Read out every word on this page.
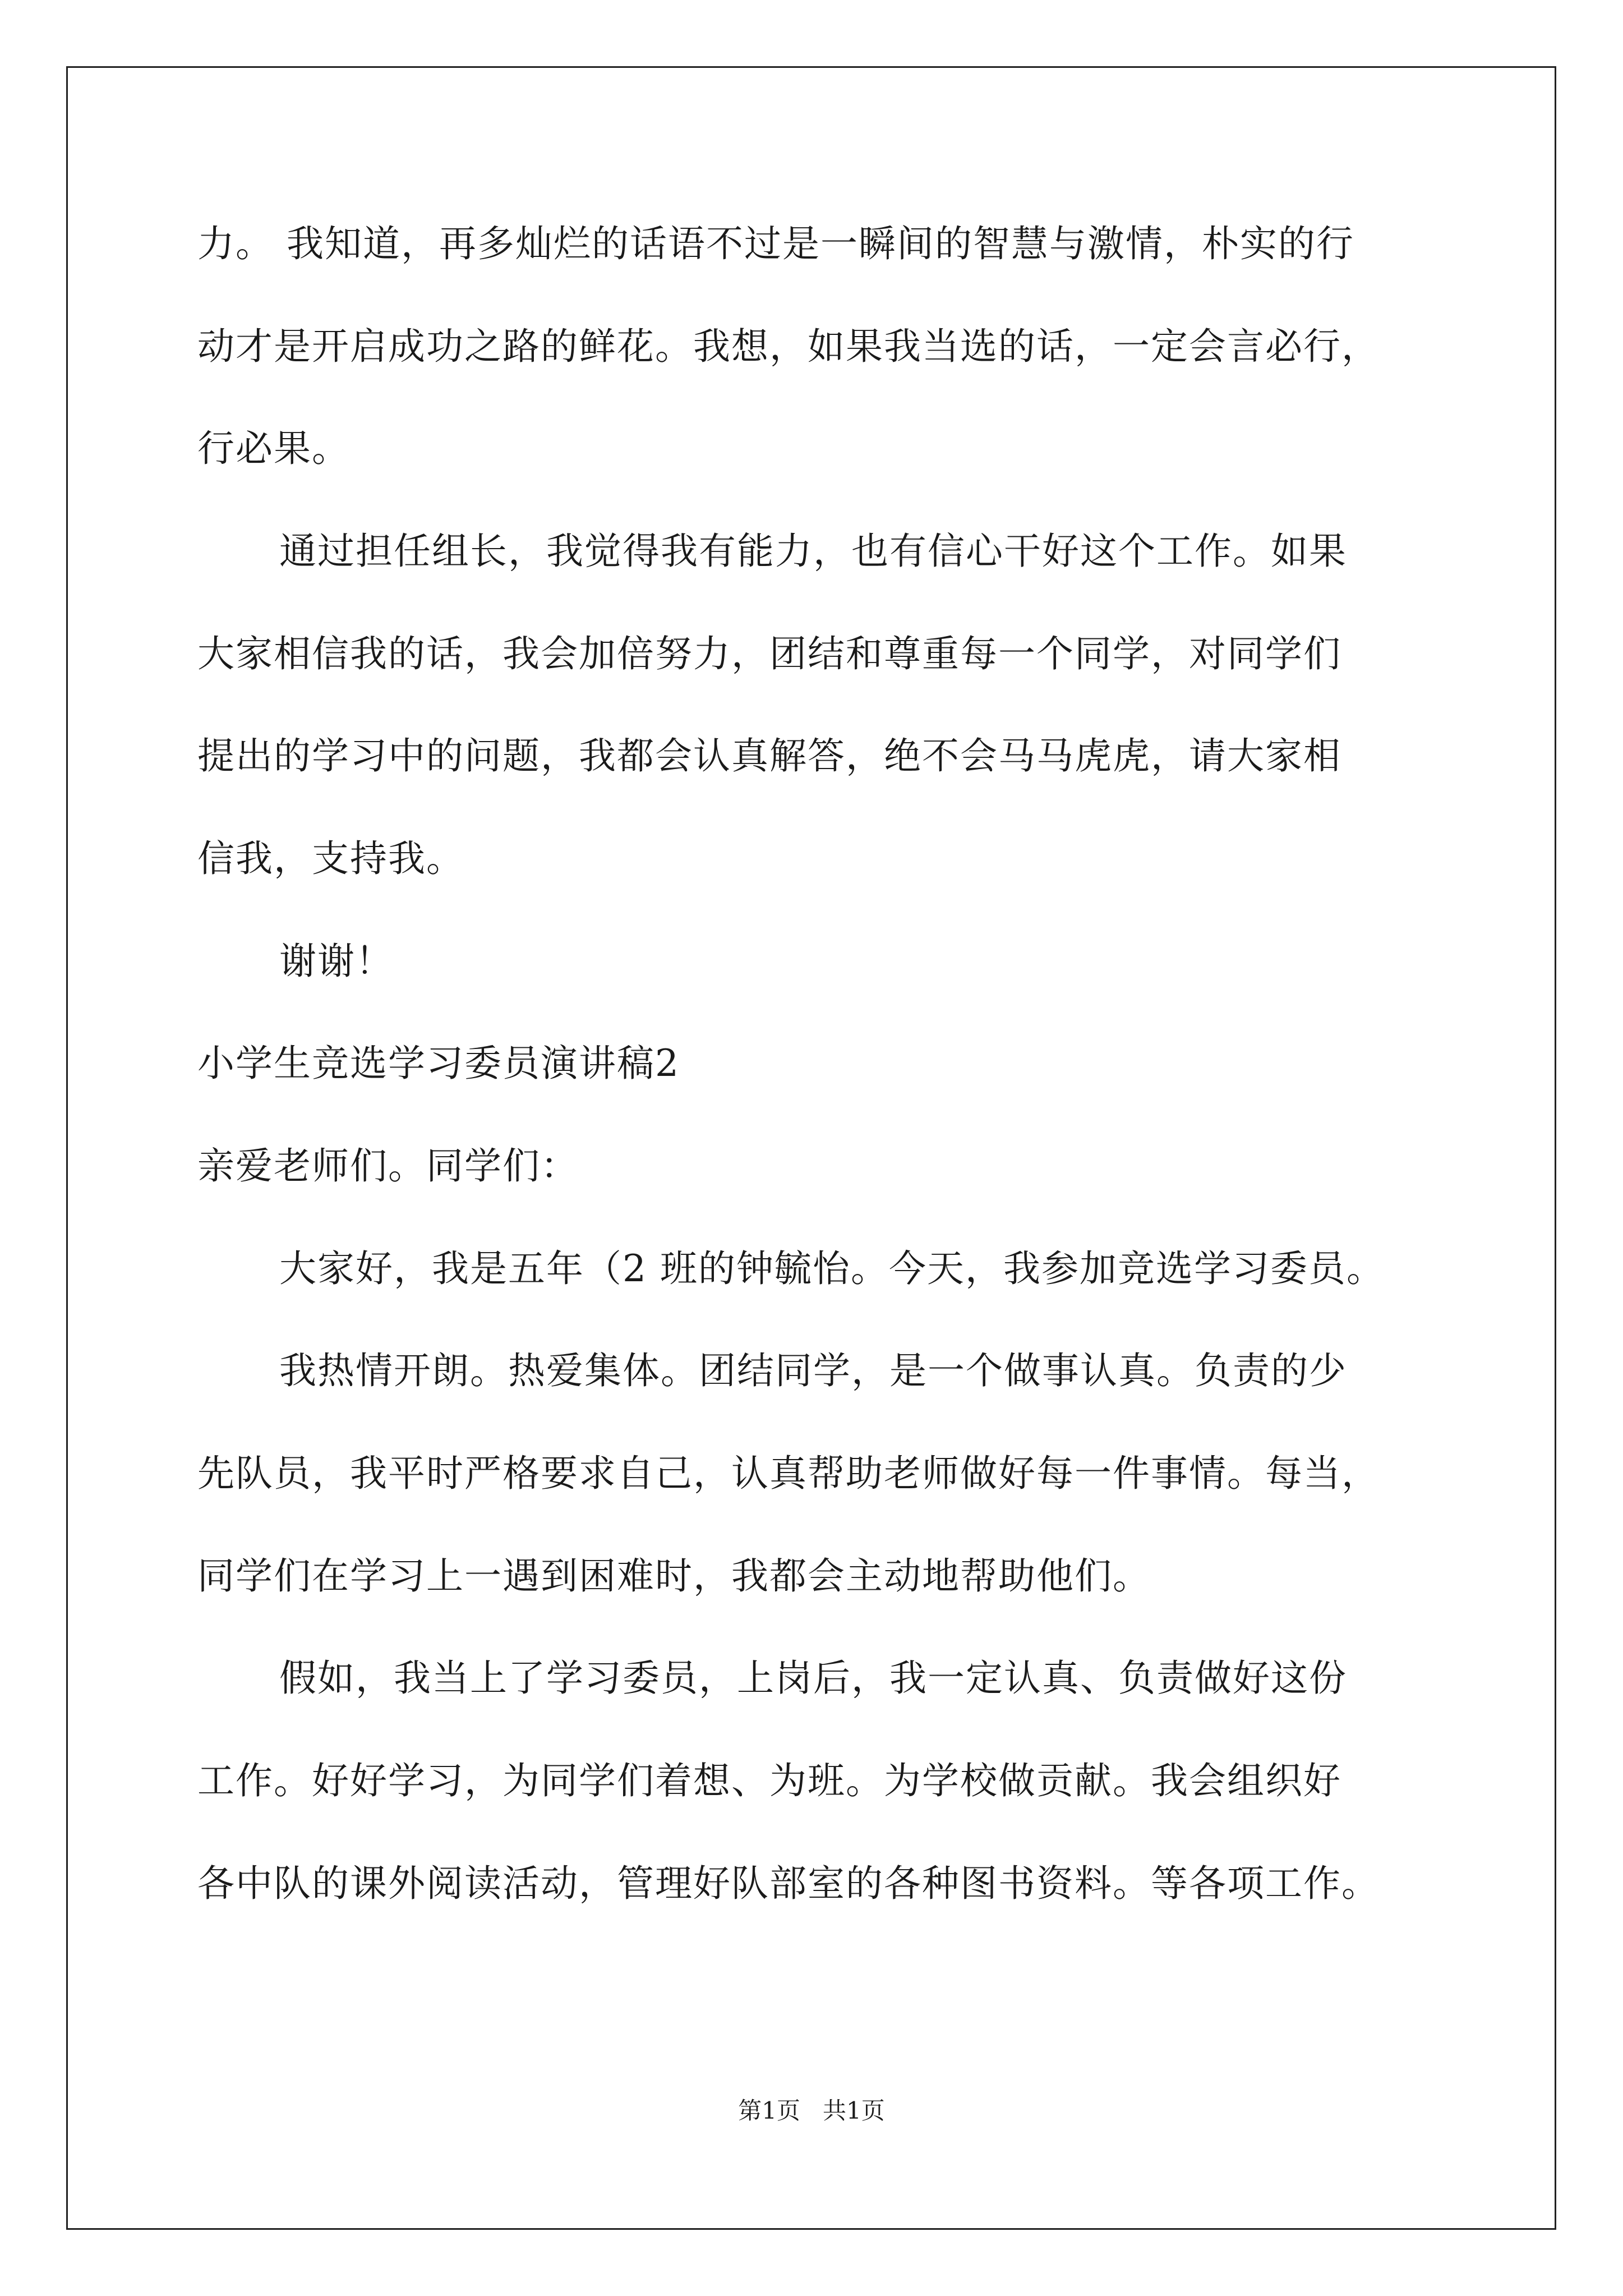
力。 我知道，再多灿烂的话语不过是一瞬间的智慧与激情，朴实的行
动才是开启成功之路的鲜花。我想，如果我当选的话，一定会言必行，
行必果。
通过担任组长，我觉得我有能力，也有信心干好这个工作。如果
大家相信我的话，我会加倍努力，团结和尊重每一个同学，对同学们
提出的学习中的问题，我都会认真解答，绝不会马马虎虎，请大家相
信我，支持我。
谢谢！
小学生竞选学习委员演讲稿2
亲爱老师们。同学们：
大家好，我是五年（2 班的钟毓怡。今天，我参加竞选学习委员。
我热情开朗。热爱集体。团结同学，是一个做事认真。负责的少
先队员，我平时严格要求自己，认真帮助老师做好每一件事情。每当，
同学们在学习上一遇到困难时，我都会主动地帮助他们。
假如，我当上了学习委员，上岗后，我一定认真、负责做好这份
工作。好好学习，为同学们着想、为班。为学校做贡献。我会组织好
各中队的课外阅读活动，管理好队部室的各种图书资料。等各项工作。
第1页   共1页
